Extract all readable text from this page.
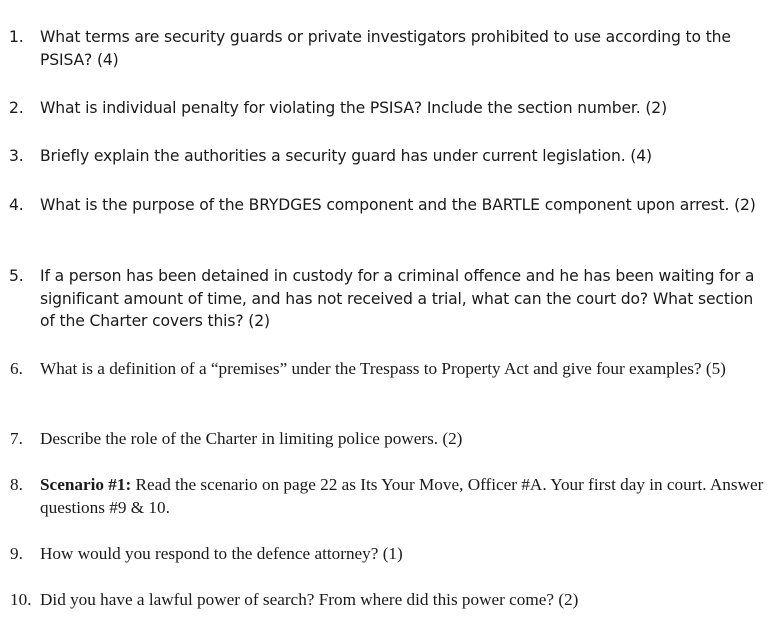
1.	What terms are security guards or private investigators prohibited to use according to the PSISA? (4)
2.	What is individual penalty for violating the PSISA? Include the section number. (2)
3.	Briefly explain the authorities a security guard has under current legislation. (4)
4.	What is the purpose of the BRYDGES component and the BARTLE component upon arrest. (2)
5.	If a person has been detained in custody for a criminal offence and he has been waiting for a significant amount of time, and has not received a trial, what can the court do? What section of the Charter covers this? (2)
6. What is a definition of a “premises” under the Trespass to Property Act and give four examples? (5)
7. Describe the role of the Charter in limiting police powers. (2)
8. Scenario #1: Read the scenario on page 22 as Its Your Move, Officer #A. Your first day in court. Answer questions #9 & 10.
9. How would you respond to the defence attorney? (1)
10. Did you have a lawful power of search? From where did this power come? (2)
